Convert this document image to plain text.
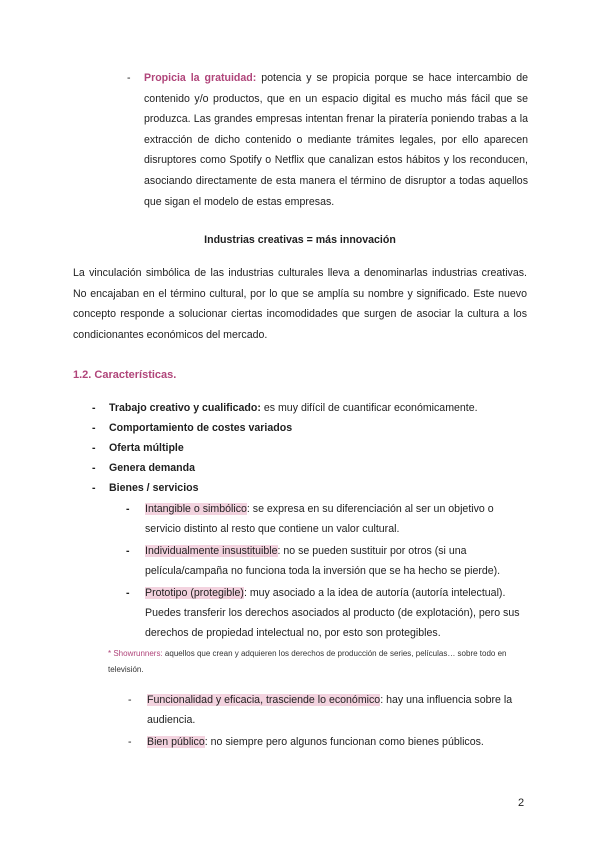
- Propicia la gratuidad: potencia y se propicia porque se hace intercambio de contenido y/o productos, que en un espacio digital es mucho más fácil que se produzca. Las grandes empresas intentan frenar la piratería poniendo trabas a la extracción de dicho contenido o mediante trámites legales, por ello aparecen disruptores como Spotify o Netflix que canalizan estos hábitos y los reconducen, asociando directamente de esta manera el término de disruptor a todas aquellos que sigan el modelo de estas empresas.
Industrias creativas = más innovación
La vinculación simbólica de las industrias culturales lleva a denominarlas industrias creativas. No encajaban en el término cultural, por lo que se amplía su nombre y significado. Este nuevo concepto responde a solucionar ciertas incomodidades que surgen de asociar la cultura a los condicionantes económicos del mercado.
1.2. Características.
- Trabajo creativo y cualificado: es muy difícil de cuantificar económicamente.
- Comportamiento de costes variados
- Oferta múltiple
- Genera demanda
- Bienes / servicios
- Intangible o simbólico: se expresa en su diferenciación al ser un objetivo o servicio distinto al resto que contiene un valor cultural.
- Individualmente insustituible: no se pueden sustituir por otros (si una película/campaña no funciona toda la inversión que se ha hecho se pierde).
- Prototipo (protegible): muy asociado a la idea de autoría (autoría intelectual). Puedes transferir los derechos asociados al producto (de explotación), pero sus derechos de propiedad intelectual no, por esto son protegibles.
* Showrunners: aquellos que crean y adquieren los derechos de producción de series, películas… sobre todo en televisión.
- Funcionalidad y eficacia, trasciende lo económico: hay una influencia sobre la audiencia.
- Bien público: no siempre pero algunos funcionan como bienes públicos.
2
